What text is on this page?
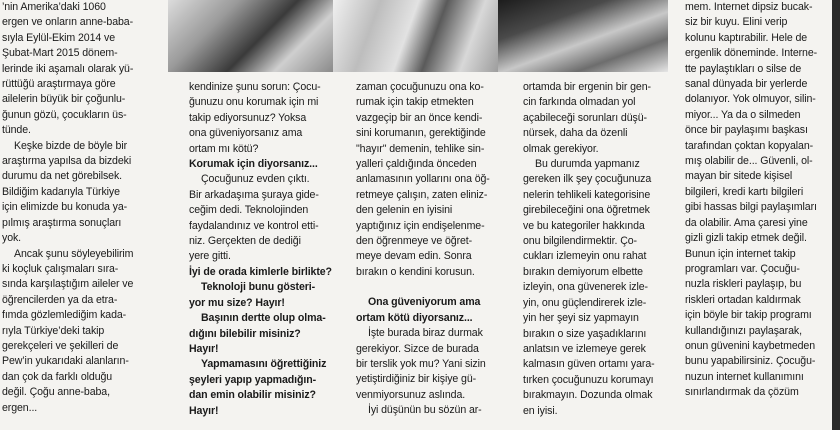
’nin Amerika’daki 1060

ergen ve onların anne-baba-

sıyla Eylül-Ekim 2014 ve

Şubat-Mart 2015 dönem-

lerinde iki aşamalı olarak yü-

rüttüğü araştırmaya göre

ailelerin büyük bir çoğunlu-

ğunun gözü, çocukların üs-

tünde.

Keşke bizde de böyle bir

araştırma yapılsa da bizdeki

durumu da net görebilsek.

Bildiğim kadarıyla Türkiye

için elimizde bu konuda ya-

pılmış araştırma sonuçları

yok.

Ancak şunu söyleyebilirim

ki koçluk çalışmaları sıra-

sında karşılaştığım aileler ve

öğrencilerden ya da etra-

fımda gözlemlediğim kada-

rıyla Türkiye’deki takip

gerekçeleri ve şekilleri de

Pew’in yukarıdaki alanların-

dan çok da farklı olduğu

değil. Çoğu anne-baba,

ergen...

kendinize şunu sorun: Çocu-

ğunuzu onu korumak için mi

takip ediyorsunuz? Yoksa

ona güveniyorsanız ama

ortam mı kötü?

Korumak için diyorsanız...

Çocuğunuz evden çıktı.

Bir arkadaşıma şuraya gide-

ceğim dedi. Teknolojinden

faydalandınız ve kontrol etti-

niz. Gerçekten de dediği

yere gitti.

İyi de orada kimlerle birlikte?

Teknoloji bunu gösteri-

yor mu size? Hayır!

Başının dertte olup olma-

dığını bilebilir misiniz?

Hayır!

Yapmamasını öğrettiğiniz

şeyleri yapıp yapmadığın-

dan emin olabilir misiniz?

Hayır!

zaman çocuğunuzu ona ko-

rumak için takip etmekten

vazgeçip bir an önce kendi-

sini korumanın, gerektiğinde

"hayır" demenin, tehlike sin-

yalleri çaldığında önceden

anlamasının yollarını ona öğ-

retmeye çalışın, zaten eliniz-

den gelenin en iyisini

yaptığınız için endişelenme-

den öğrenmeye ve öğret-

meye devam edin. Sonra

bırakın o kendini korusun.

Ona güveniyorum ama

ortam kötü diyorsanız...

İşte burada biraz durmak

gerekiyor. Sizce de burada

bir terslik yok mu? Yani sizin

yetiştirdiğiniz bir kişiye gü-

venmiyorsunuz aslında.

İyi düşünün bu sözün ar-

ortamda bir ergenin bir gen-

cin farkında olmadan yol

açabileceği sorunları düşü-

nürsek, daha da özenli

olmak gerekiyor.

Bu durumda yapmanız

gereken ilk şey çocuğunuza

nelerin tehlikeli kategorisine

girebileceğini ona öğretmek

ve bu kategoriler hakkında

onu bilgilendirmektir. Ço-

cukları izlemeyin onu rahat

bırakın demiyorum elbette

izleyin, ona güvenerek izle-

yin, onu güçlendirerek izle-

yin her şeyi siz yapmayın

bırakın o size yaşadıklarını

anlatsın ve izlemeye gerek

kalmasın güven ortamı yara-

tırken çocuğunuzu korumayı

bırakmayın. Dozunda olmak

en iyisi.

mem. Internet dipsiz bucak-

siz bir kuyu. Elini verip

kolunu kaptırabilir. Hele de

ergenlik döneminde. Interne-

tte paylaştıkları o silse de

sanal dünyada bir yerlerde

dolanıyor. Yok olmuyor, silin-

miyor... Ya da o silmeden

önce bir paylaşımı başkası

tarafından çoktan kopyalan-

mış olabilir de... Güvenli, ol-

mayan bir sitede kişisel

bilgileri, kredi kartı bilgileri

gibi hassas bilgi paylaşımları

da olabilir. Ama çaresi yine

gizli gizli takip etmek değil.

Bunun için internet takip

programları var. Çocuğu-

nuzla riskleri paylaşıp, bu

riskleri ortadan kaldırmak

için böyle bir takip programı

kullandığınızı paylaşarak,

onun güvenini kaybetmeden

bunu yapabilirsiniz. Çocuğu-

nuzun internet kullanımını

sınırlandırmak da çözüm
